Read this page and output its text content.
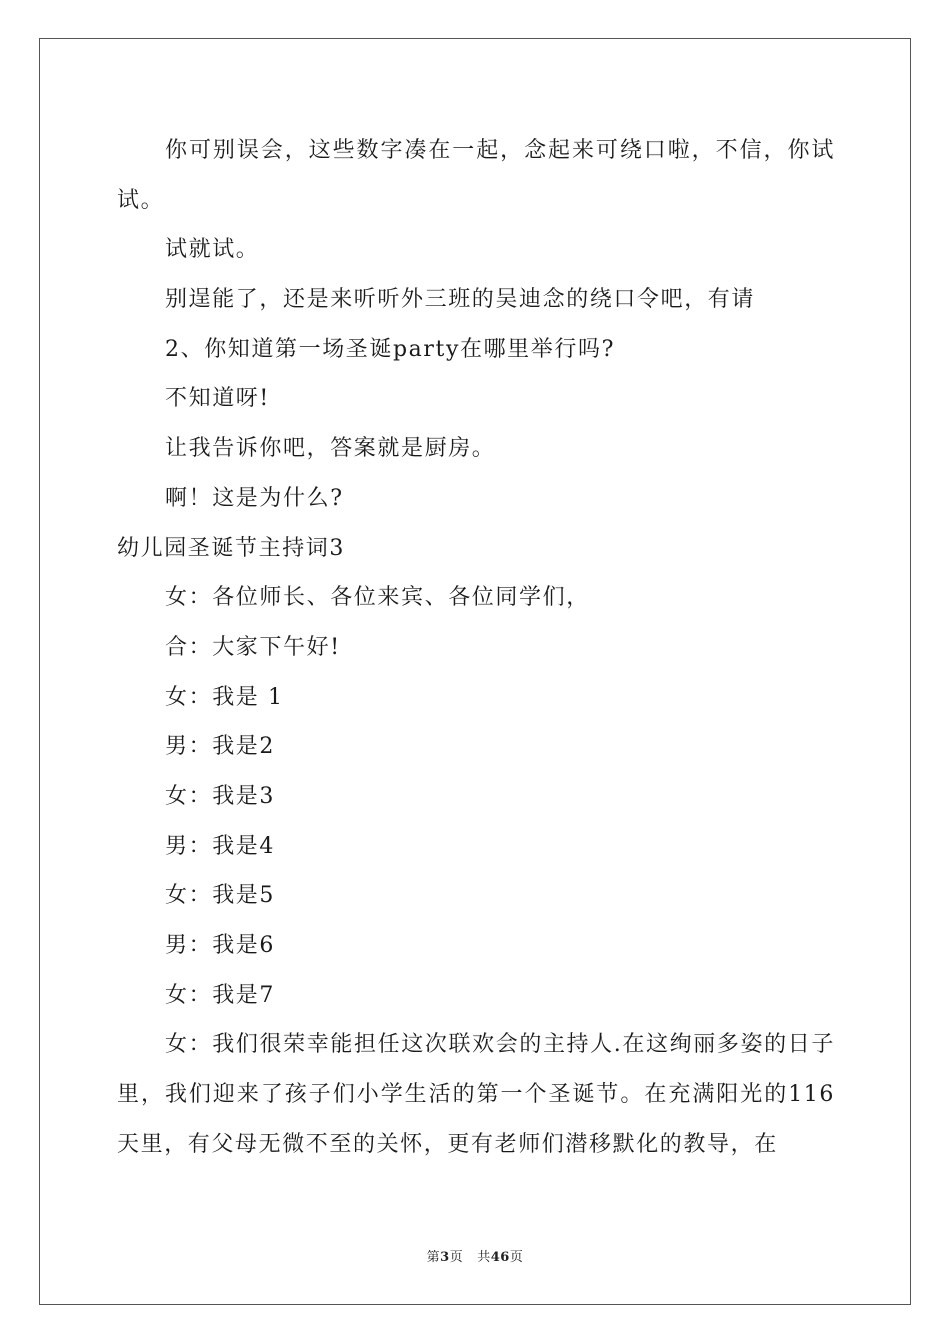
你可别误会，这些数字凑在一起，念起来可绕口啦，不信，你试试。
试就试。
别逞能了，还是来听听外三班的吴迪念的绕口令吧，有请
2、你知道第一场圣诞party在哪里举行吗?
不知道呀!
让我告诉你吧，答案就是厨房。
啊！这是为什么?
幼儿园圣诞节主持词3
女：各位师长、各位来宾、各位同学们，
合：大家下午好!
女：我是 1
男：我是2
女：我是3
男：我是4
女：我是5
男：我是6
女：我是7
女：我们很荣幸能担任这次联欢会的主持人.在这绚丽多姿的日子里，我们迎来了孩子们小学生活的第一个圣诞节。在充满阳光的116天里，有父母无微不至的关怀，更有老师们潜移默化的教导，在
第3页 共46页
